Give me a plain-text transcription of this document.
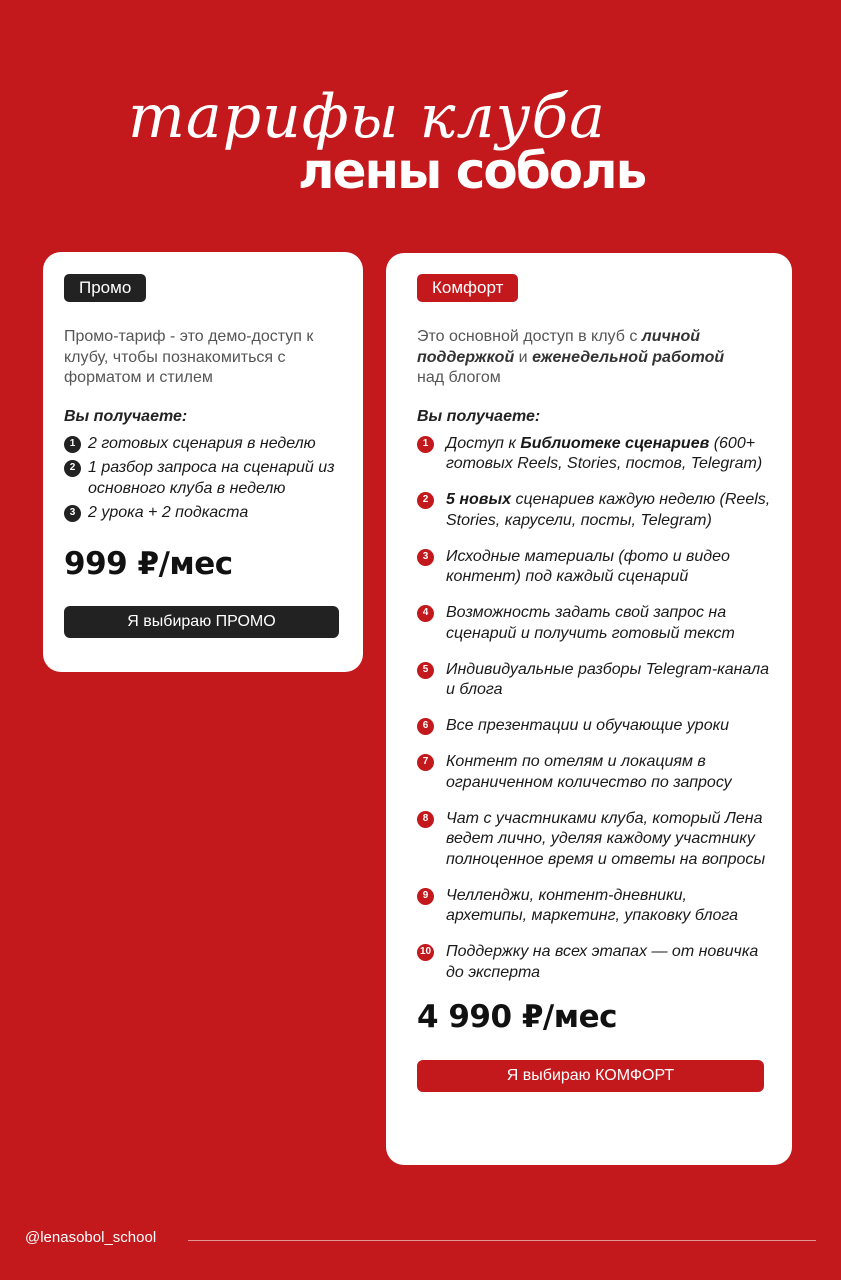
тарифы клуба
лены соболь
Промо
Промо-тариф - это демо-доступ к клубу, чтобы познакомиться с форматом и стилем
Вы получаете:
1 2 готовых сценария в неделю
2 1 разбор запроса на сценарий из основного клуба в неделю
3 2 урока + 2 подкаста
999 ₽/мес
Я выбираю ПРОМО
Комфорт
Это основной доступ в клуб с личной поддержкой и еженедельной работой
над блогом
Вы получаете:
1	Доступ к Библиотеке сценариев (600+ готовых Reels, Stories, постов, Telegram)
2	5 новых сценариев каждую неделю (Reels, Stories, карусели, посты, Telegram)
3	Исходные материалы (фото и видео контент) под каждый сценарий
4	Возможность задать свой запрос на сценарий и получить готовый текст
5	Индивидуальные разборы Telegram-канала и блога
6	Все презентации и обучающие уроки
7	Контент по отелям и локациям в ограниченном количество по запросу
8	Чат с участниками клуба, который Лена ведет лично, уделяя каждому участнику полноценное время и ответы на вопросы
9	Челленджи, контент-дневники, архетипы, маркетинг, упаковку блога
10 Поддержку на всех этапах — от новичка до эксперта
4 990 ₽/мес
Я выбираю КОМФОРТ
@lenasobol_school
